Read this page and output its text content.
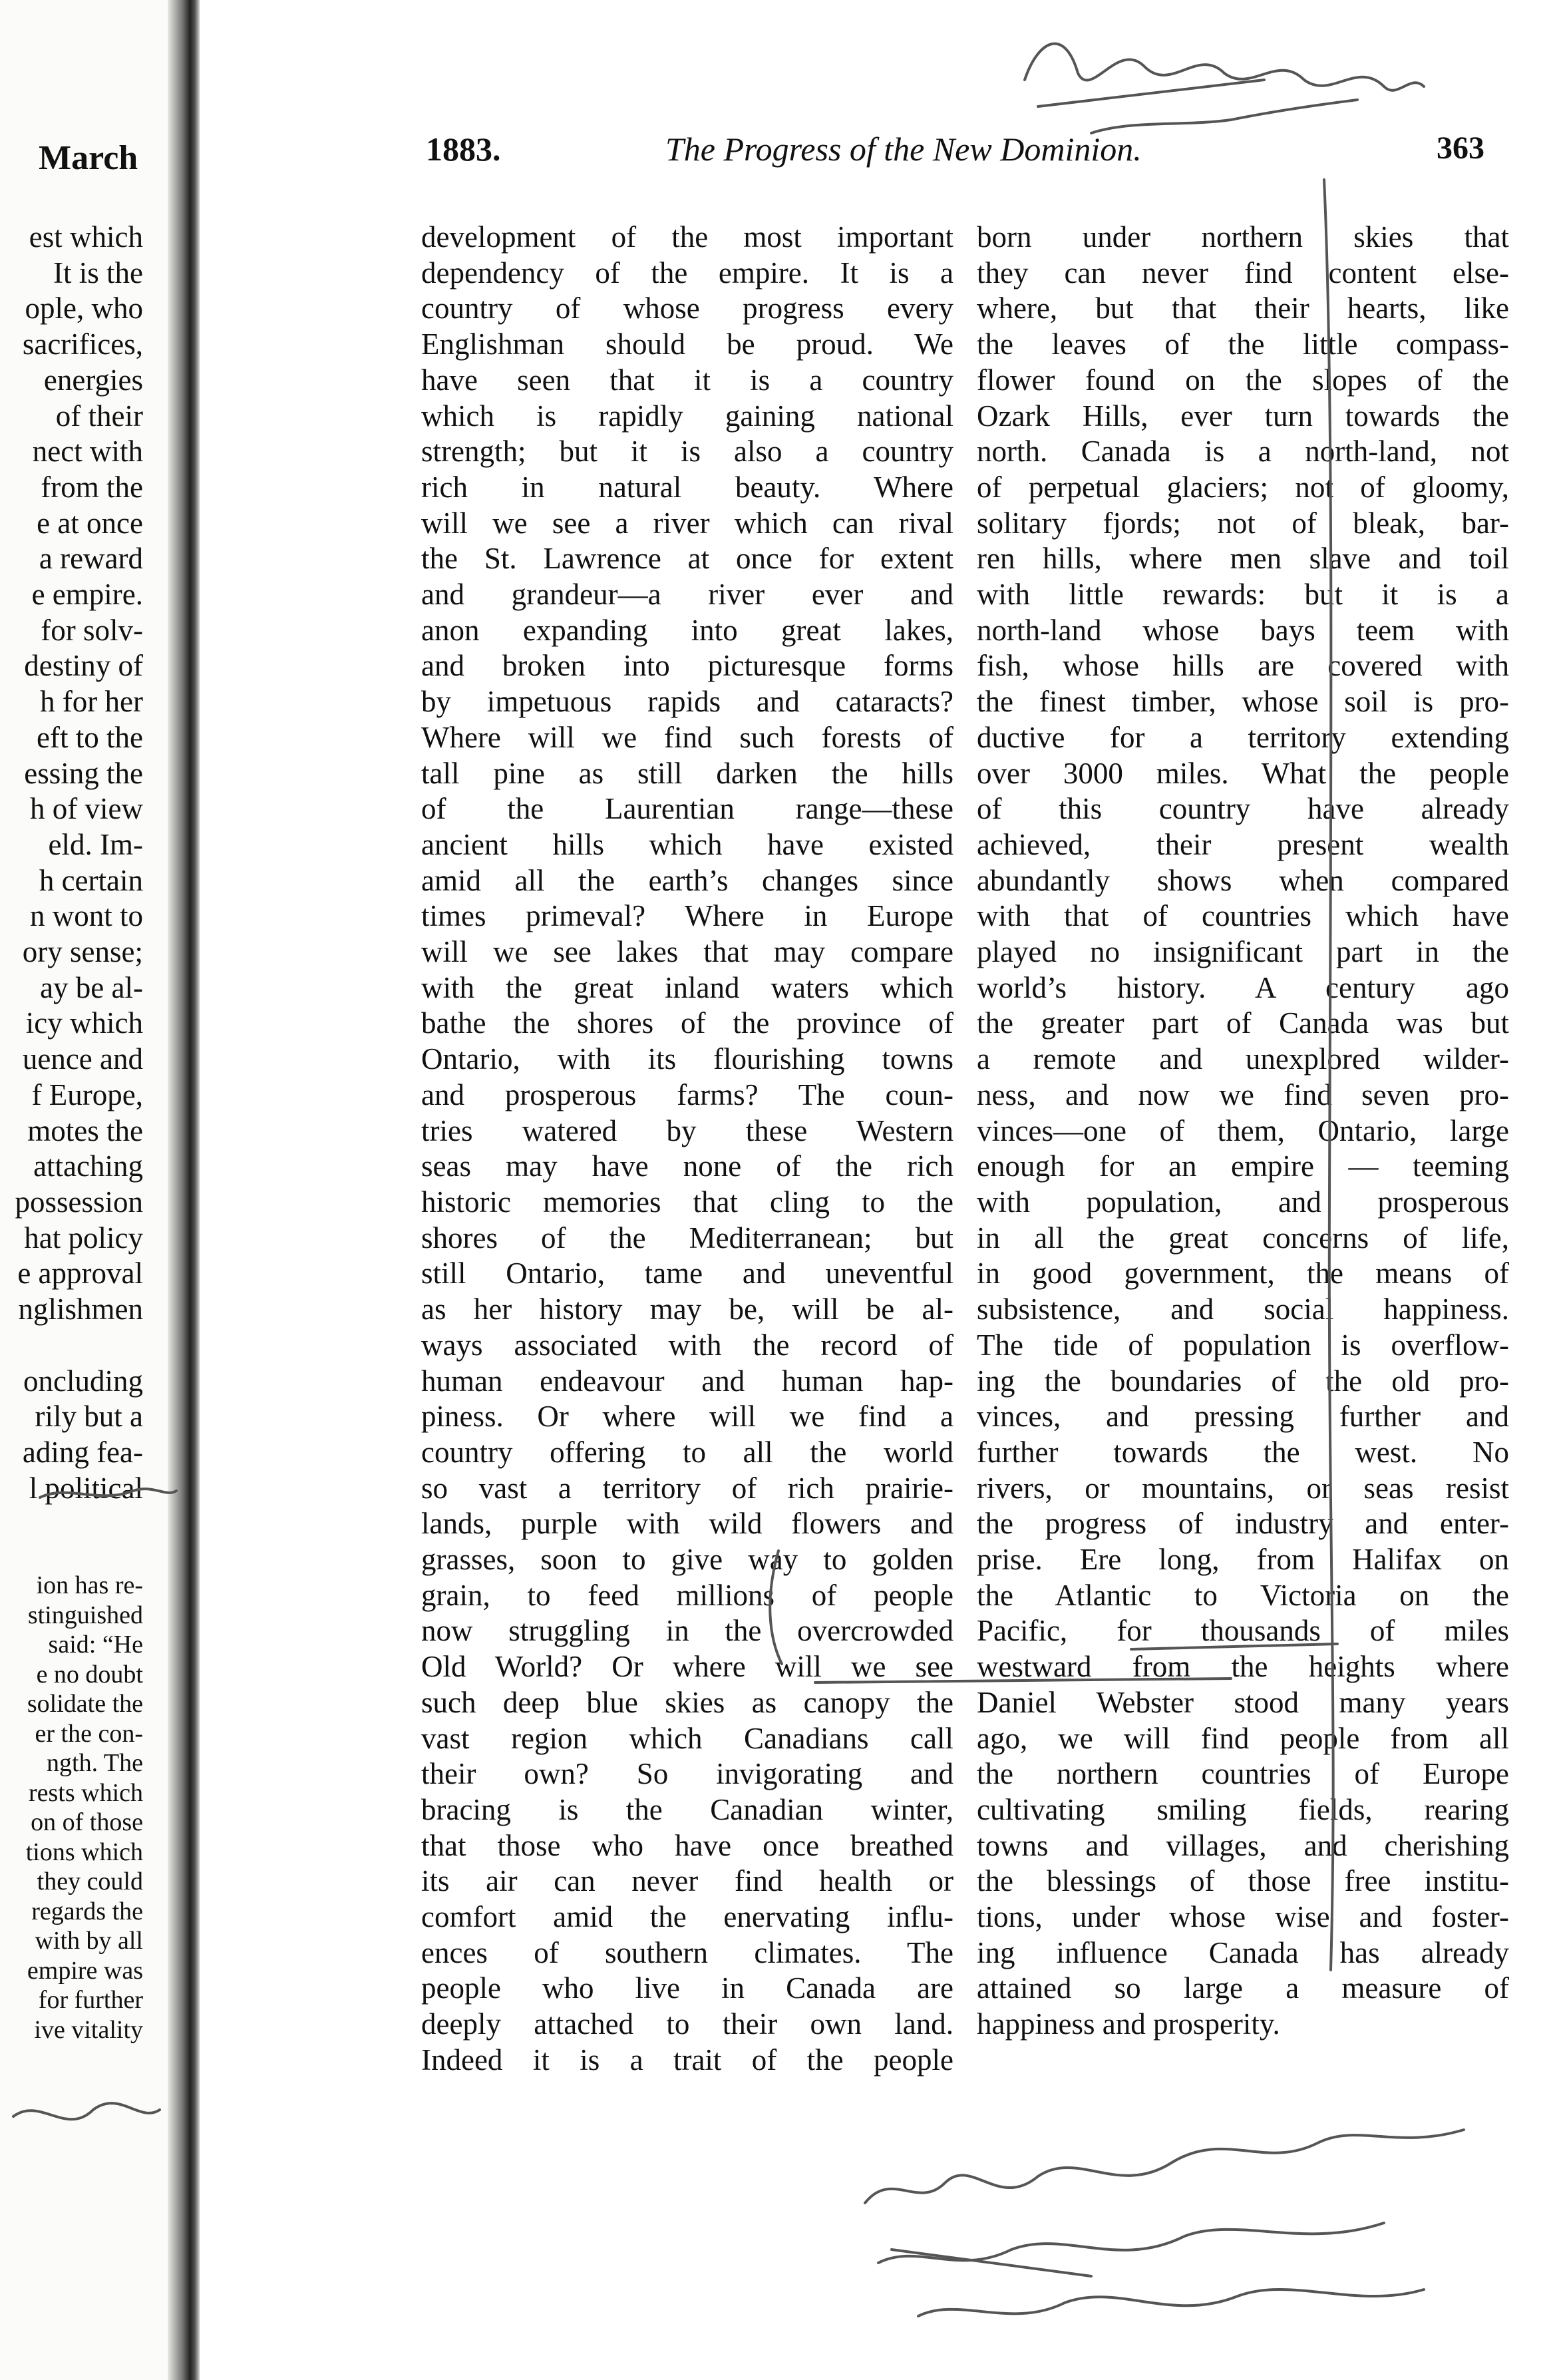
March
est which
It is the
ople, who
sacrifices,
energies
of their
nect with
from the
e at once
a reward
e empire.
for solv-
destiny of
h for her
eft to the
essing the
h of view
eld. Im-
h certain
n wont to
ory sense;
ay be al-
icy which
uence and
f Europe,
motes the
attaching
possession
hat policy
e approval
nglishmen

oncluding
rily but a
ading fea-
l political
ion has re-
stinguished
said: “He
e no doubt
solidate the
er the con-
ngth. The
rests which
on of those
tions which
they could
regards the
with by all
empire was
for further
ive vitality
1883.	The Progress of the New Dominion.	363
development of the most important
dependency of the empire. It is a
country of whose progress every
Englishman should be proud. We
have seen that it is a country
which is rapidly gaining national
strength; but it is also a country
rich in natural beauty. Where
will we see a river which can rival
the St. Lawrence at once for extent
and grandeur—a river ever and
anon expanding into great lakes,
and broken into picturesque forms
by impetuous rapids and cataracts?
Where will we find such forests of
tall pine as still darken the hills
of the Laurentian range—these
ancient hills which have existed
amid all the earth’s changes since
times primeval? Where in Europe
will we see lakes that may compare
with the great inland waters which
bathe the shores of the province of
Ontario, with its flourishing towns
and prosperous farms? The coun-
tries watered by these Western
seas may have none of the rich
historic memories that cling to the
shores of the Mediterranean; but
still Ontario, tame and uneventful
as her history may be, will be al-
ways associated with the record of
human endeavour and human hap-
piness. Or where will we find a
country offering to all the world
so vast a territory of rich prairie-
lands, purple with wild flowers and
grasses, soon to give way to golden
grain, to feed millions of people
now struggling in the overcrowded
Old World? Or where will we see
such deep blue skies as canopy the
vast region which Canadians call
their own? So invigorating and
bracing is the Canadian winter,
that those who have once breathed
its air can never find health or
comfort amid the enervating influ-
ences of southern climates. The
people who live in Canada are
deeply attached to their own land.
Indeed it is a trait of the people
born under northern skies that
they can never find content else-
where, but that their hearts, like
the leaves of the little compass-
flower found on the slopes of the
Ozark Hills, ever turn towards the
north. Canada is a north-land, not
of perpetual glaciers; not of gloomy,
solitary fjords; not of bleak, bar-
ren hills, where men slave and toil
with little rewards: but it is a
north-land whose bays teem with
fish, whose hills are covered with
the finest timber, whose soil is pro-
ductive for a territory extending
over 3000 miles. What the people
of this country have already
achieved, their present wealth
abundantly shows when compared
with that of countries which have
played no insignificant part in the
world’s history. A century ago
the greater part of Canada was but
a remote and unexplored wilder-
ness, and now we find seven pro-
vinces—one of them, Ontario, large
enough for an empire — teeming
with population, and prosperous
in all the great concerns of life,
in good government, the means of
subsistence, and social happiness.
The tide of population is overflow-
ing the boundaries of the old pro-
vinces, and pressing further and
further towards the west. No
rivers, or mountains, or seas resist
the progress of industry and enter-
prise. Ere long, from Halifax on
the Atlantic to Victoria on the
Pacific, for thousands of miles
westward from the heights where
Daniel Webster stood many years
ago, we will find people from all
the northern countries of Europe
cultivating smiling fields, rearing
towns and villages, and cherishing
the blessings of those free institu-
tions, under whose wise and foster-
ing influence Canada has already
attained so large a measure of
happiness and prosperity.
